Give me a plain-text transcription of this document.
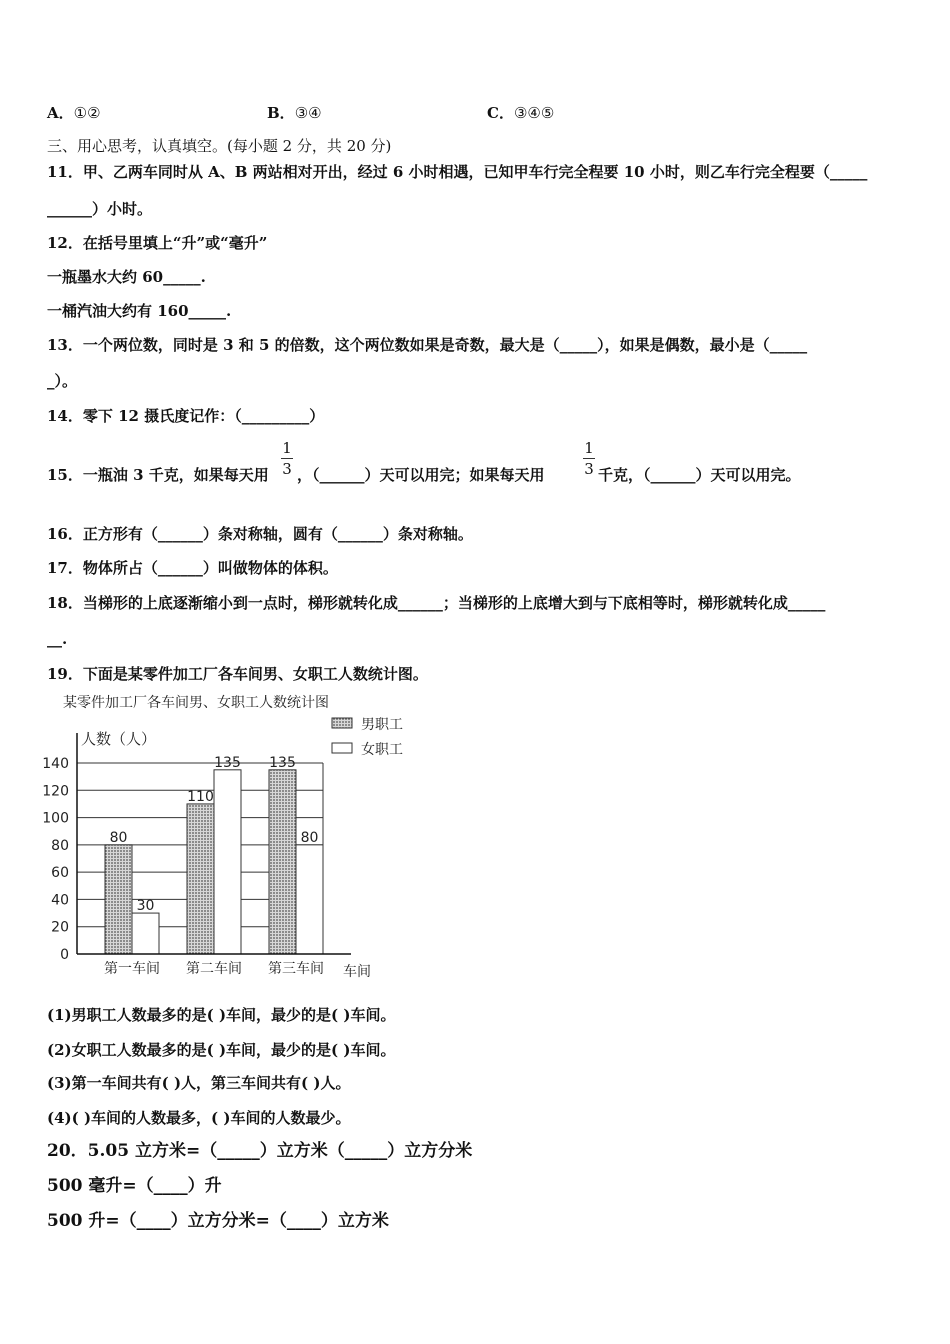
A．①②	B．③④	C．③④⑤
三、用心思考，认真填空。(每小题 2 分，共 20 分)
11．甲、乙两车同时从 A、B 两站相对开出，经过 6 小时相遇，已知甲车行完全程要 10 小时，则乙车行完全程要（_____
______）小时。
12．在括号里填上“升”或“毫升”
一瓶墨水大约 60_____.
一桶汽油大约有 160_____.
13．一个两位数，同时是 3 和 5 的倍数，这个两位数如果是奇数，最大是（_____），如果是偶数，最小是（_____
_）。
14．零下 12 摄氏度记作：（_________）
15．一瓶油 3 千克，如果每天用
1
3 ，（______）天可以用完；如果每天用
1
3 千克，（______）天可以用完。
16．正方形有（______）条对称轴，圆有（______）条对称轴。
17．物体所占（______）叫做物体的体积。
18．当梯形的上底逐渐缩小到一点时，梯形就转化成______；当梯形的上底增大到与下底相等时，梯形就转化成_____
__.
19．下面是某零件加工厂各车间男、女职工人数统计图。
某零件加工厂各车间男、女职工人数统计图
人数（人）
男职工
女职工
0
20
40
60
80
100
120
140
80
30
第一车间
110
135
第二车间
135
80
第三车间 车间
(1)男职工人数最多的是( )车间，最少的是( )车间。
(2)女职工人数最多的是( )车间，最少的是( )车间。
(3)第一车间共有( )人，第三车间共有( )人。
(4)( )车间的人数最多，( )车间的人数最少。
20．5.05 立方米=（_____）立方米（_____）立方分米
500 毫升=（____）升
500 升=（____）立方分米=（____）立方米
